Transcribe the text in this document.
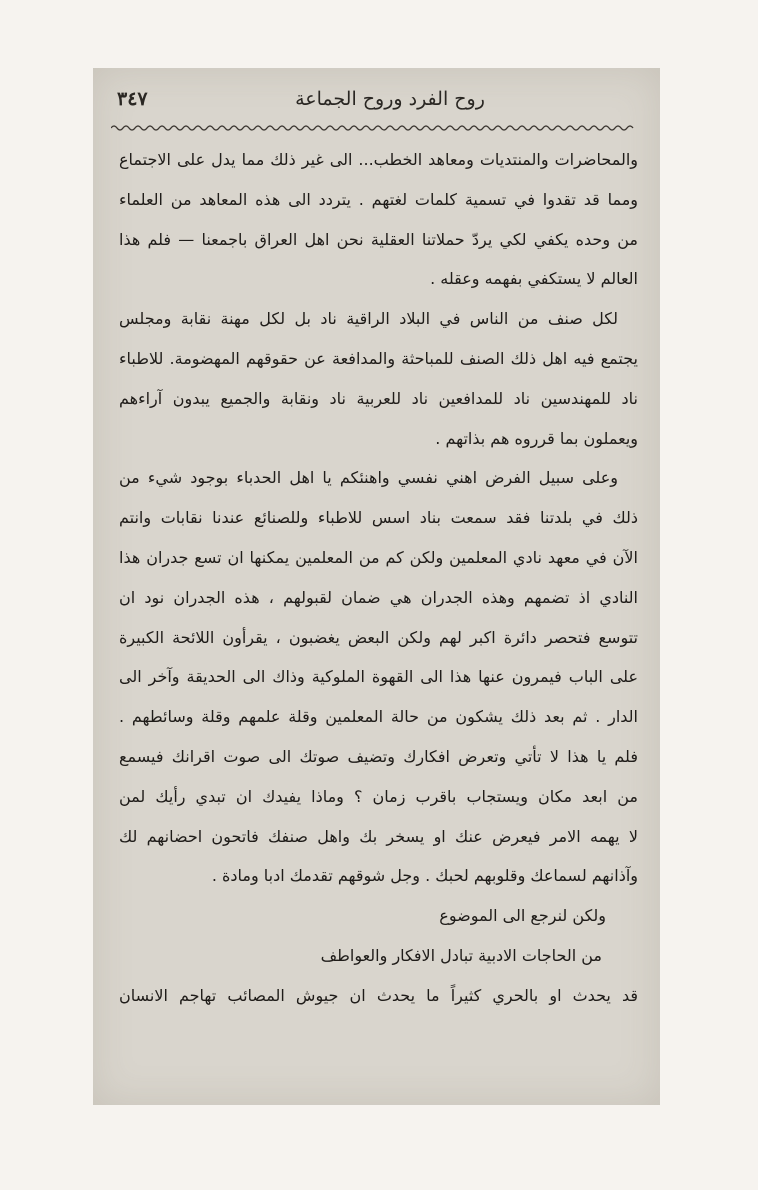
روح الفرد وروح الجماعة
٣٤٧
والمحاضرات والمنتديات ومعاهد الخطب... الى غير ذلك مما يدل على الاجتماع
ومما قد تقدوا في تسمية كلمات لغتهم . يتردد الى هذه المعاهد من العلماء
من وحده يكفي لكي يردّ حملاتنا العقلية نحن اهل العراق باجمعنا — فلم هذا
العالم لا يستكفي بفهمه وعقله .
لكل صنف من الناس في البلاد الراقية ناد بل لكل مهنة نقابة ومجلس
يجتمع فيه اهل ذلك الصنف للمباحثة والمدافعة عن حقوقهم المهضومة. للاطباء
ناد للمهندسين ناد للمدافعين ناد للعربية ناد ونقابة والجميع يبدون آراءهم
ويعملون بما قرروه هم بذاتهم .
وعلى سبيل الفرض اهني نفسي واهنئكم يا اهل الحدباء بوجود شيء من
ذلك في بلدتنا فقد سمعت بناد اسس للاطباء وللصنائع عندنا نقابات وانتم
الآن في معهد نادي المعلمين ولكن كم من المعلمين يمكنها ان تسع جدران هذا
النادي اذ تضمهم وهذه الجدران هي ضمان لقبولهم ، هذه الجدران نود ان
تتوسع فتحصر دائرة اكبر لهم ولكن البعض يغضبون ، يقرأون اللائحة الكبيرة
على الباب فيمرون عنها هذا الى القهوة الملوكية وذاك الى الحديقة وآخر الى
الدار . ثم بعد ذلك يشكون من حالة المعلمين وقلة علمهم وقلة وسائطهم .
فلم يا هذا لا تأتي وتعرض افكارك وتضيف صوتك الى صوت اقرانك فيسمع
من ابعد مكان ويستجاب باقرب زمان ؟ وماذا يفيدك ان تبدي رأيك لمن
لا يهمه الامر فيعرض عنك او يسخر بك واهل صنفك فاتحون احضانهم لك
وآذانهم لسماعك وقلوبهم لحبك . وجل شوقهم تقدمك ادبا ومادة .
ولكن لنرجع الى الموضوع
من الحاجات الادبية تبادل الافكار والعواطف
قد يحدث او بالحري كثيراً ما يحدث ان جيوش المصائب تهاجم الانسان
